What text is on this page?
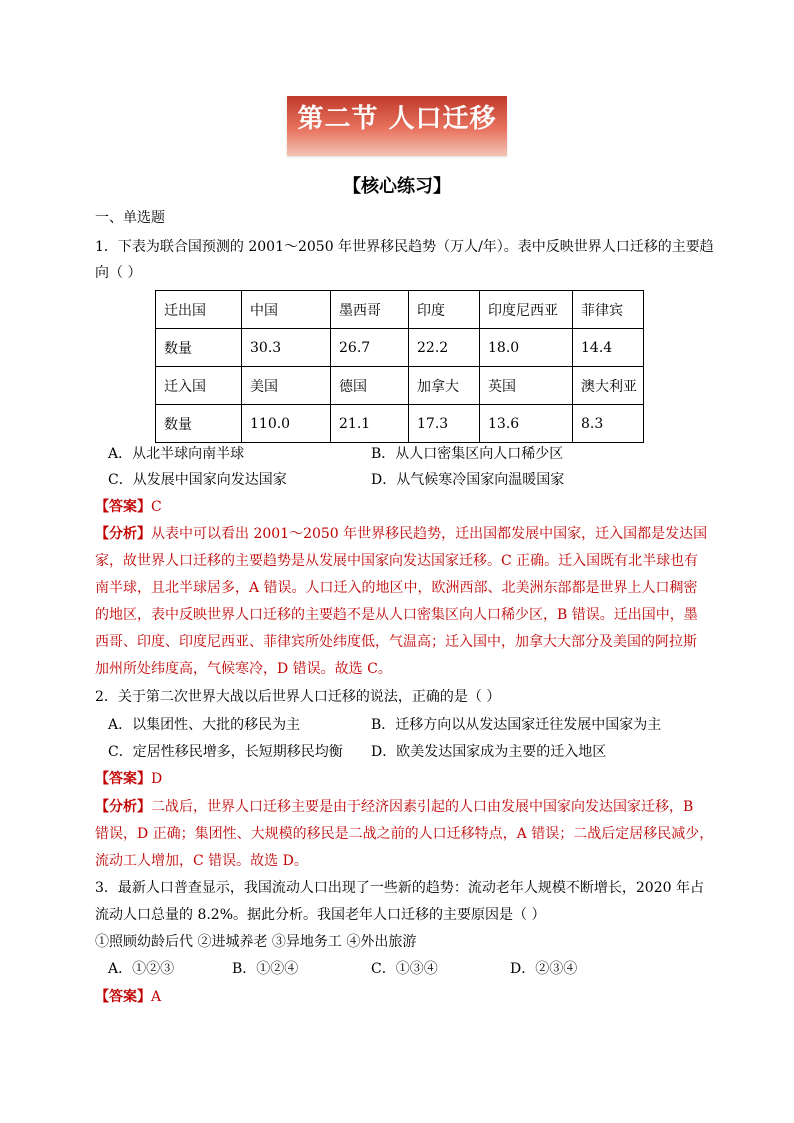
第二节 人口迁移
【核心练习】
一、单选题
1．下表为联合国预测的 2001～2050 年世界移民趋势（万人/年）。表中反映世界人口迁移的主要趋
向（ ）
迁出国	中国	墨西哥	印度	印度尼西亚	菲律宾
数量	30.3	26.7	22.2	18.0	14.4
迁入国	美国	德国	加拿大	英国	澳大利亚
数量	110.0	21.1	17.3	13.6	8.3
A．从北半球向南半球	B．从人口密集区向人口稀少区
C．从发展中国家向发达国家	D．从气候寒冷国家向温暖国家
【答案】C
【分析】从表中可以看出 2001～2050 年世界移民趋势，迁出国都发展中国家，迁入国都是发达国
家，故世界人口迁移的主要趋势是从发展中国家向发达国家迁移。C 正确。迁入国既有北半球也有
南半球，且北半球居多，A 错误。人口迁入的地区中，欧洲西部、北美洲东部都是世界上人口稠密
的地区，表中反映世界人口迁移的主要趋不是从人口密集区向人口稀少区，B 错误。迁出国中，墨
西哥、印度、印度尼西亚、菲律宾所处纬度低，气温高；迁入国中，加拿大大部分及美国的阿拉斯
加州所处纬度高，气候寒冷，D 错误。故选 C。
2．关于第二次世界大战以后世界人口迁移的说法，正确的是（ ）
A．以集团性、大批的移民为主	B．迁移方向以从发达国家迁往发展中国家为主
C．定居性移民增多，长短期移民均衡 D．欧美发达国家成为主要的迁入地区
【答案】D
【分析】二战后，世界人口迁移主要是由于经济因素引起的人口由发展中国家向发达国家迁移，B
错误，D 正确；集团性、大规模的移民是二战之前的人口迁移特点，A 错误；二战后定居移民减少，
流动工人增加，C 错误。故选 D。
3．最新人口普查显示，我国流动人口出现了一些新的趋势：流动老年人规模不断增长，2020 年占
流动人口总量的 8.2%。据此分析。我国老年人口迁移的主要原因是（ ）
①照顾幼龄后代 ②进城养老 ③异地务工 ④外出旅游
A．①②③	B．①②④	C．①③④	D．②③④
【答案】A
